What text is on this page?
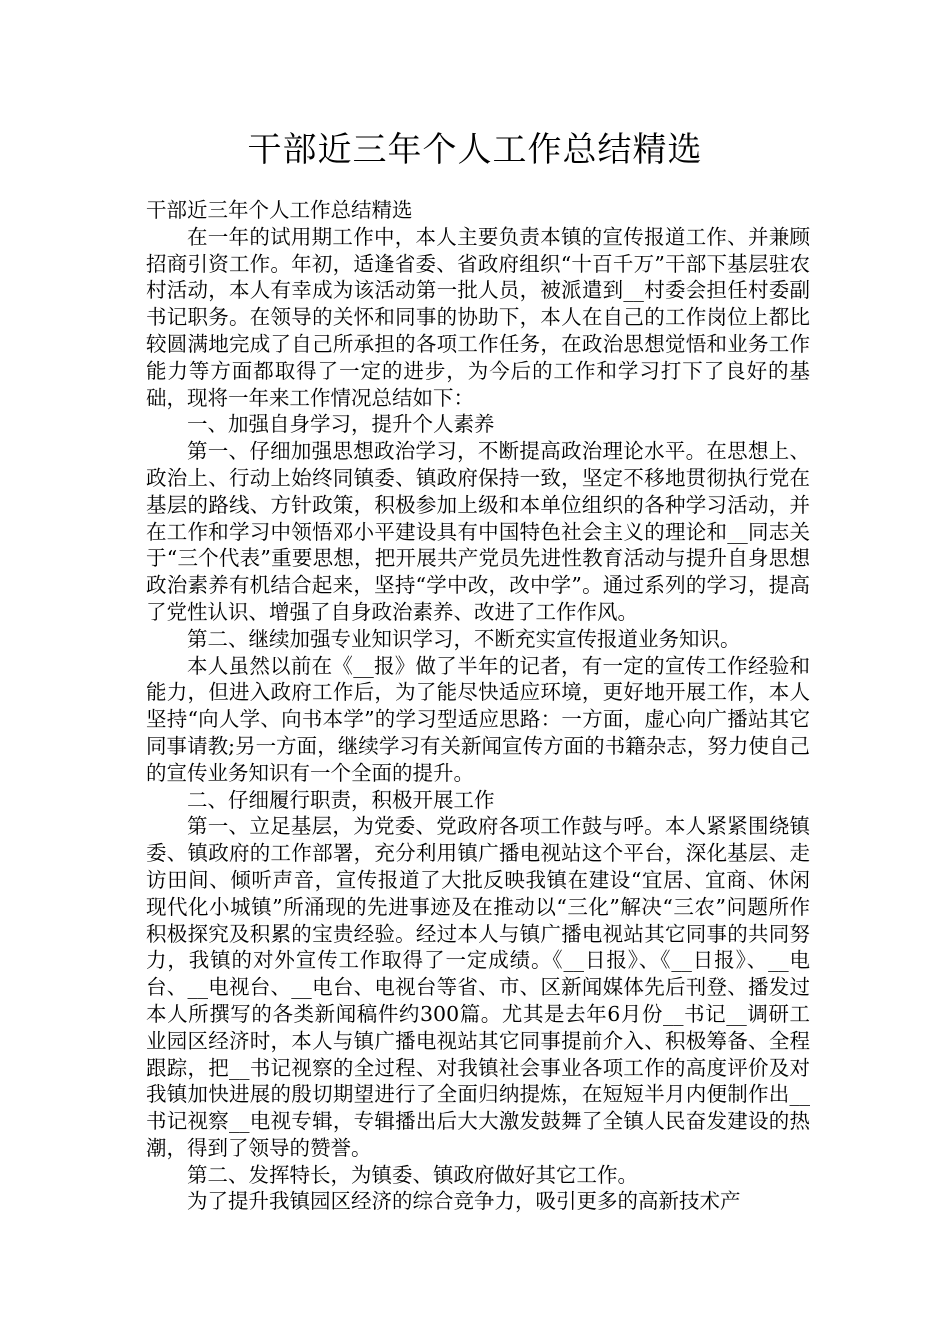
干部近三年个人工作总结精选

干部近三年个人工作总结精选

在一年的试用期工作中，本人主要负责本镇的宣传报道工作、并兼顾招商引资工作。年初，适逢省委、省政府组织“十百千万”干部下基层驻农村活动，本人有幸成为该活动第一批人员，被派遣到__村委会担任村委副书记职务。在领导的关怀和同事的协助下，本人在自己的工作岗位上都比较圆满地完成了自己所承担的各项工作任务，在政治思想觉悟和业务工作能力等方面都取得了一定的进步，为今后的工作和学习打下了良好的基础，现将一年来工作情况总结如下：

一、加强自身学习，提升个人素养

第一、仔细加强思想政治学习，不断提高政治理论水平。在思想上、政治上、行动上始终同镇委、镇政府保持一致，坚定不移地贯彻执行党在基层的路线、方针政策，积极参加上级和本单位组织的各种学习活动，并在工作和学习中领悟邓小平建设具有中国特色社会主义的理论和__同志关于“三个代表”重要思想，把开展共产党员先进性教育活动与提升自身思想政治素养有机结合起来，坚持“学中改，改中学”。通过系列的学习，提高了党性认识、增强了自身政治素养、改进了工作作风。

第二、继续加强专业知识学习，不断充实宣传报道业务知识。

本人虽然以前在《__报》做了半年的记者，有一定的宣传工作经验和能力，但进入政府工作后，为了能尽快适应环境，更好地开展工作，本人坚持“向人学、向书本学”的学习型适应思路：一方面，虚心向广播站其它同事请教;另一方面，继续学习有关新闻宣传方面的书籍杂志，努力使自己的宣传业务知识有一个全面的提升。

二、仔细履行职责，积极开展工作

第一、立足基层，为党委、党政府各项工作鼓与呼。本人紧紧围绕镇委、镇政府的工作部署，充分利用镇广播电视站这个平台，深化基层、走访田间、倾听声音，宣传报道了大批反映我镇在建设“宜居、宜商、休闲现代化小城镇”所涌现的先进事迹及在推动以“三化”解决“三农”问题所作积极探究及积累的宝贵经验。经过本人与镇广播电视站其它同事的共同努力，我镇的对外宣传工作取得了一定成绩。《__日报》、《__日报》、__电台、__电视台、__电台、电视台等省、市、区新闻媒体先后刊登、播发过本人所撰写的各类新闻稿件约300篇。尤其是去年6月份__书记__调研工业园区经济时，本人与镇广播电视站其它同事提前介入、积极筹备、全程跟踪，把__书记视察的全过程、对我镇社会事业各项工作的高度评价及对我镇加快进展的殷切期望进行了全面归纳提炼，在短短半月内便制作出__书记视察__电视专辑，专辑播出后大大激发鼓舞了全镇人民奋发建设的热潮，得到了领导的赞誉。

第二、发挥特长，为镇委、镇政府做好其它工作。

为了提升我镇园区经济的综合竞争力，吸引更多的高新技术产
